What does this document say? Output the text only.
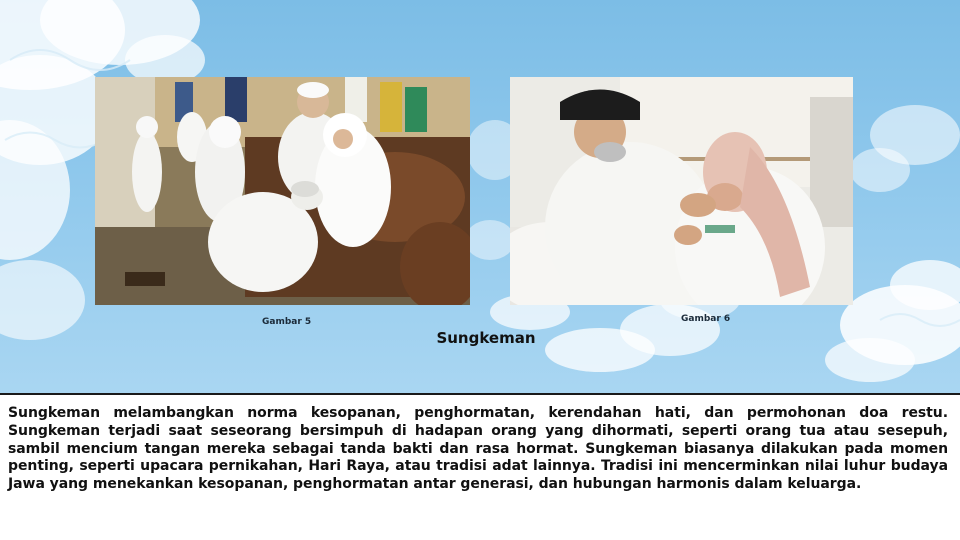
Gambar 5	Gambar 6
Sungkeman

Sungkeman melambangkan norma kesopanan, penghormatan, kerendahan hati, dan permohonan doa restu. Sungkeman terjadi saat seseorang bersimpuh di hadapan orang yang dihormati, seperti orang tua atau sesepuh, sambil mencium tangan mereka sebagai tanda bakti dan rasa hormat. Sungkeman biasanya dilakukan pada momen penting, seperti upacara pernikahan, Hari Raya, atau tradisi adat lainnya. Tradisi ini mencerminkan nilai luhur budaya Jawa yang menekankan kesopanan, penghormatan antar generasi, dan hubungan harmonis dalam keluarga.
